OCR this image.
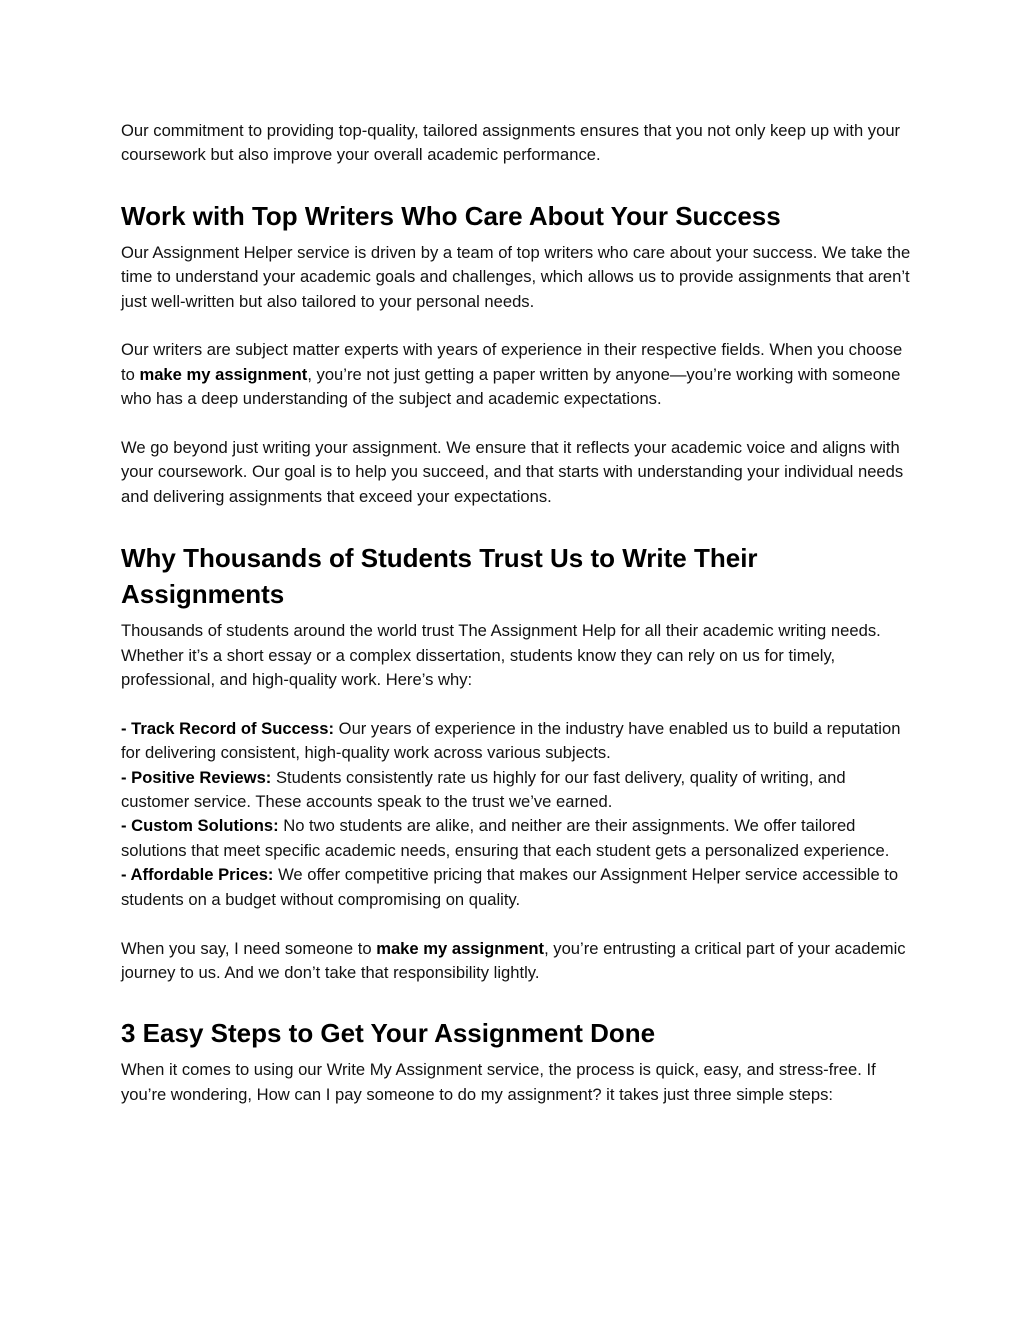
Our commitment to providing top-quality, tailored assignments ensures that you not only keep up with your coursework but also improve your overall academic performance.

Work with Top Writers Who Care About Your Success

Our Assignment Helper service is driven by a team of top writers who care about your success. We take the time to understand your academic goals and challenges, which allows us to provide assignments that aren’t just well-written but also tailored to your personal needs.

Our writers are subject matter experts with years of experience in their respective fields. When you choose to make my assignment, you’re not just getting a paper written by anyone—you’re working with someone who has a deep understanding of the subject and academic expectations.

We go beyond just writing your assignment. We ensure that it reflects your academic voice and aligns with your coursework. Our goal is to help you succeed, and that starts with understanding your individual needs and delivering assignments that exceed your expectations.

Why Thousands of Students Trust Us to Write Their Assignments

Thousands of students around the world trust The Assignment Help for all their academic writing needs. Whether it’s a short essay or a complex dissertation, students know they can rely on us for timely, professional, and high-quality work. Here’s why:

- Track Record of Success: Our years of experience in the industry have enabled us to build a reputation for delivering consistent, high-quality work across various subjects.
- Positive Reviews: Students consistently rate us highly for our fast delivery, quality of writing, and customer service. These accounts speak to the trust we’ve earned.
- Custom Solutions: No two students are alike, and neither are their assignments. We offer tailored solutions that meet specific academic needs, ensuring that each student gets a personalized experience.
- Affordable Prices: We offer competitive pricing that makes our Assignment Helper service accessible to students on a budget without compromising on quality.

When you say, I need someone to make my assignment, you’re entrusting a critical part of your academic journey to us. And we don’t take that responsibility lightly.

3 Easy Steps to Get Your Assignment Done

When it comes to using our Write My Assignment service, the process is quick, easy, and stress-free. If you’re wondering, How can I pay someone to do my assignment? it takes just three simple steps:
